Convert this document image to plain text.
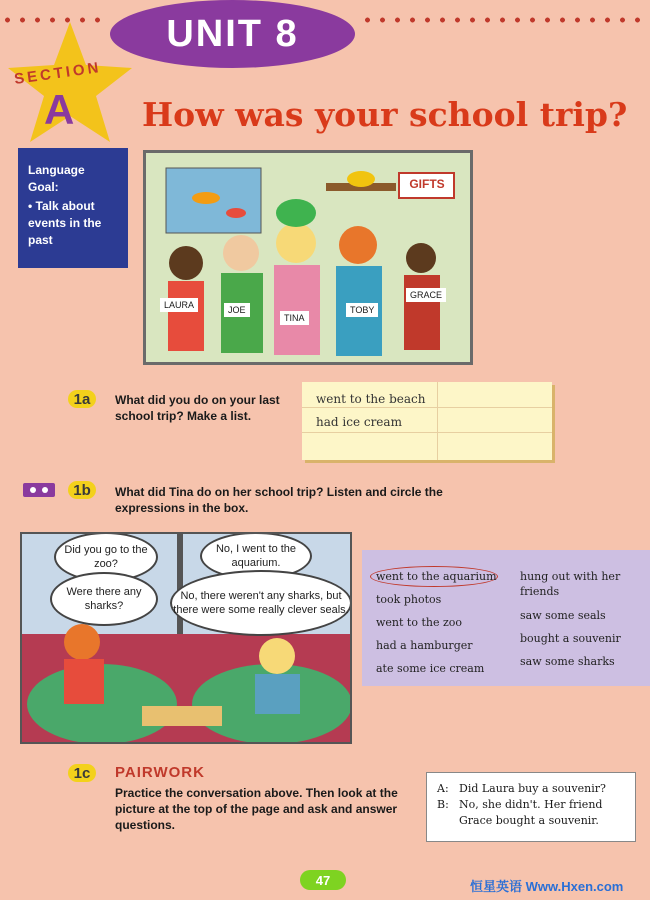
UNIT 8
SECTION
A How was your school trip?
Language Goal:
• Talk about events in the past
GIFTS
LAURA	JOE
TINA
TOBY
GRACE
1a	What did you do on your last school trip? Make a list.
went to the beach
had ice cream
1b	What did Tina do on her school trip? Listen and circle the expressions in the box.
Did you go to the zoo?
No, I went to the aquarium.
Were there any sharks?
No, there weren't any sharks, but there were some really clever seals.
went to the aquarium
took photos
went to the zoo
had a hamburger
ate some ice cream
hung out with her friends
saw some seals
bought a souvenir
saw some sharks
1c	PAIRWORK
Practice the conversation above. Then look at the picture at the top of the page and ask and answer questions.
A: Did Laura buy a souvenir?
B: No, she didn't. Her friend Grace bought a souvenir.
47	恒星英语 Www.Hxen.com
